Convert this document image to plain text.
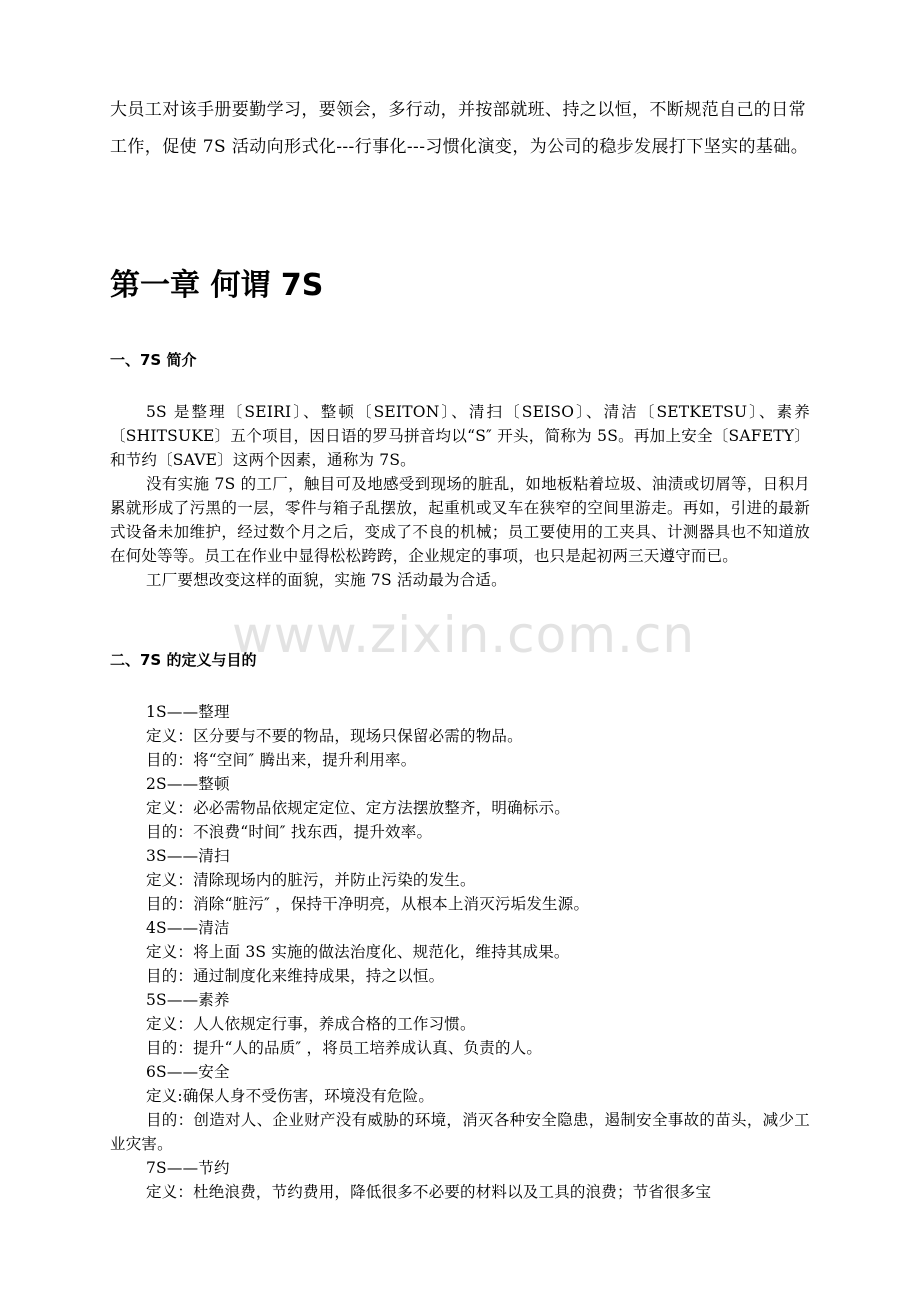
大员工对该手册要勤学习，要领会，多行动，并按部就班、持之以恒，不断规范自己的日常工作，促使 7S 活动向形式化---行事化---习惯化演变，为公司的稳步发展打下坚实的基础。
第一章 何谓 7S
一、7S 简介

5S 是整理〔SEIRI〕、整顿〔SEITON〕、清扫〔SEISO〕、清洁〔SETKETSU〕、素养〔SHITSUKE〕五个项目，因日语的罗马拼音均以“S″ 开头，简称为 5S。再加上安全〔SAFETY〕和节约〔SAVE〕这两个因素，通称为 7S。

没有实施 7S 的工厂，触目可及地感受到现场的脏乱，如地板粘着垃圾、油渍或切屑等，日积月累就形成了污黑的一层，零件与箱子乱摆放，起重机或叉车在狭窄的空间里游走。再如，引进的最新式设备未加维护，经过数个月之后，变成了不良的机械；员工要使用的工夹具、计测器具也不知道放在何处等等。员工在作业中显得松松跨跨，企业规定的事项，也只是起初两三天遵守而已。

工厂要想改变这样的面貌，实施 7S 活动最为合适。

www.zixin.com.cn
二、7S 的定义与目的
1S——整理
定义：区分要与不要的物品，现场只保留必需的物品。
目的：将“空间″ 腾出来，提升利用率。
2S——整顿
定义：必必需物品依规定定位、定方法摆放整齐，明确标示。
目的：不浪费“时间″ 找东西，提升效率。
3S——清扫
定义：清除现场内的脏污，并防止污染的发生。
目的：消除“脏污″ ，保持干净明亮，从根本上消灭污垢发生源。
4S——清洁
定义：将上面 3S 实施的做法治度化、规范化，维持其成果。
目的：通过制度化来维持成果，持之以恒。
5S——素养
定义：人人依规定行事，养成合格的工作习惯。
目的：提升“人的品质″ ，将员工培养成认真、负责的人。
6S——安全
定义:确保人身不受伤害，环境没有危险。
目的：创造对人、企业财产没有威胁的环境，消灭各种安全隐患，遏制安全事故的苗头，减少工业灾害。
7S——节约
定义：杜绝浪费，节约费用，降低很多不必要的材料以及工具的浪费；节省很多宝
